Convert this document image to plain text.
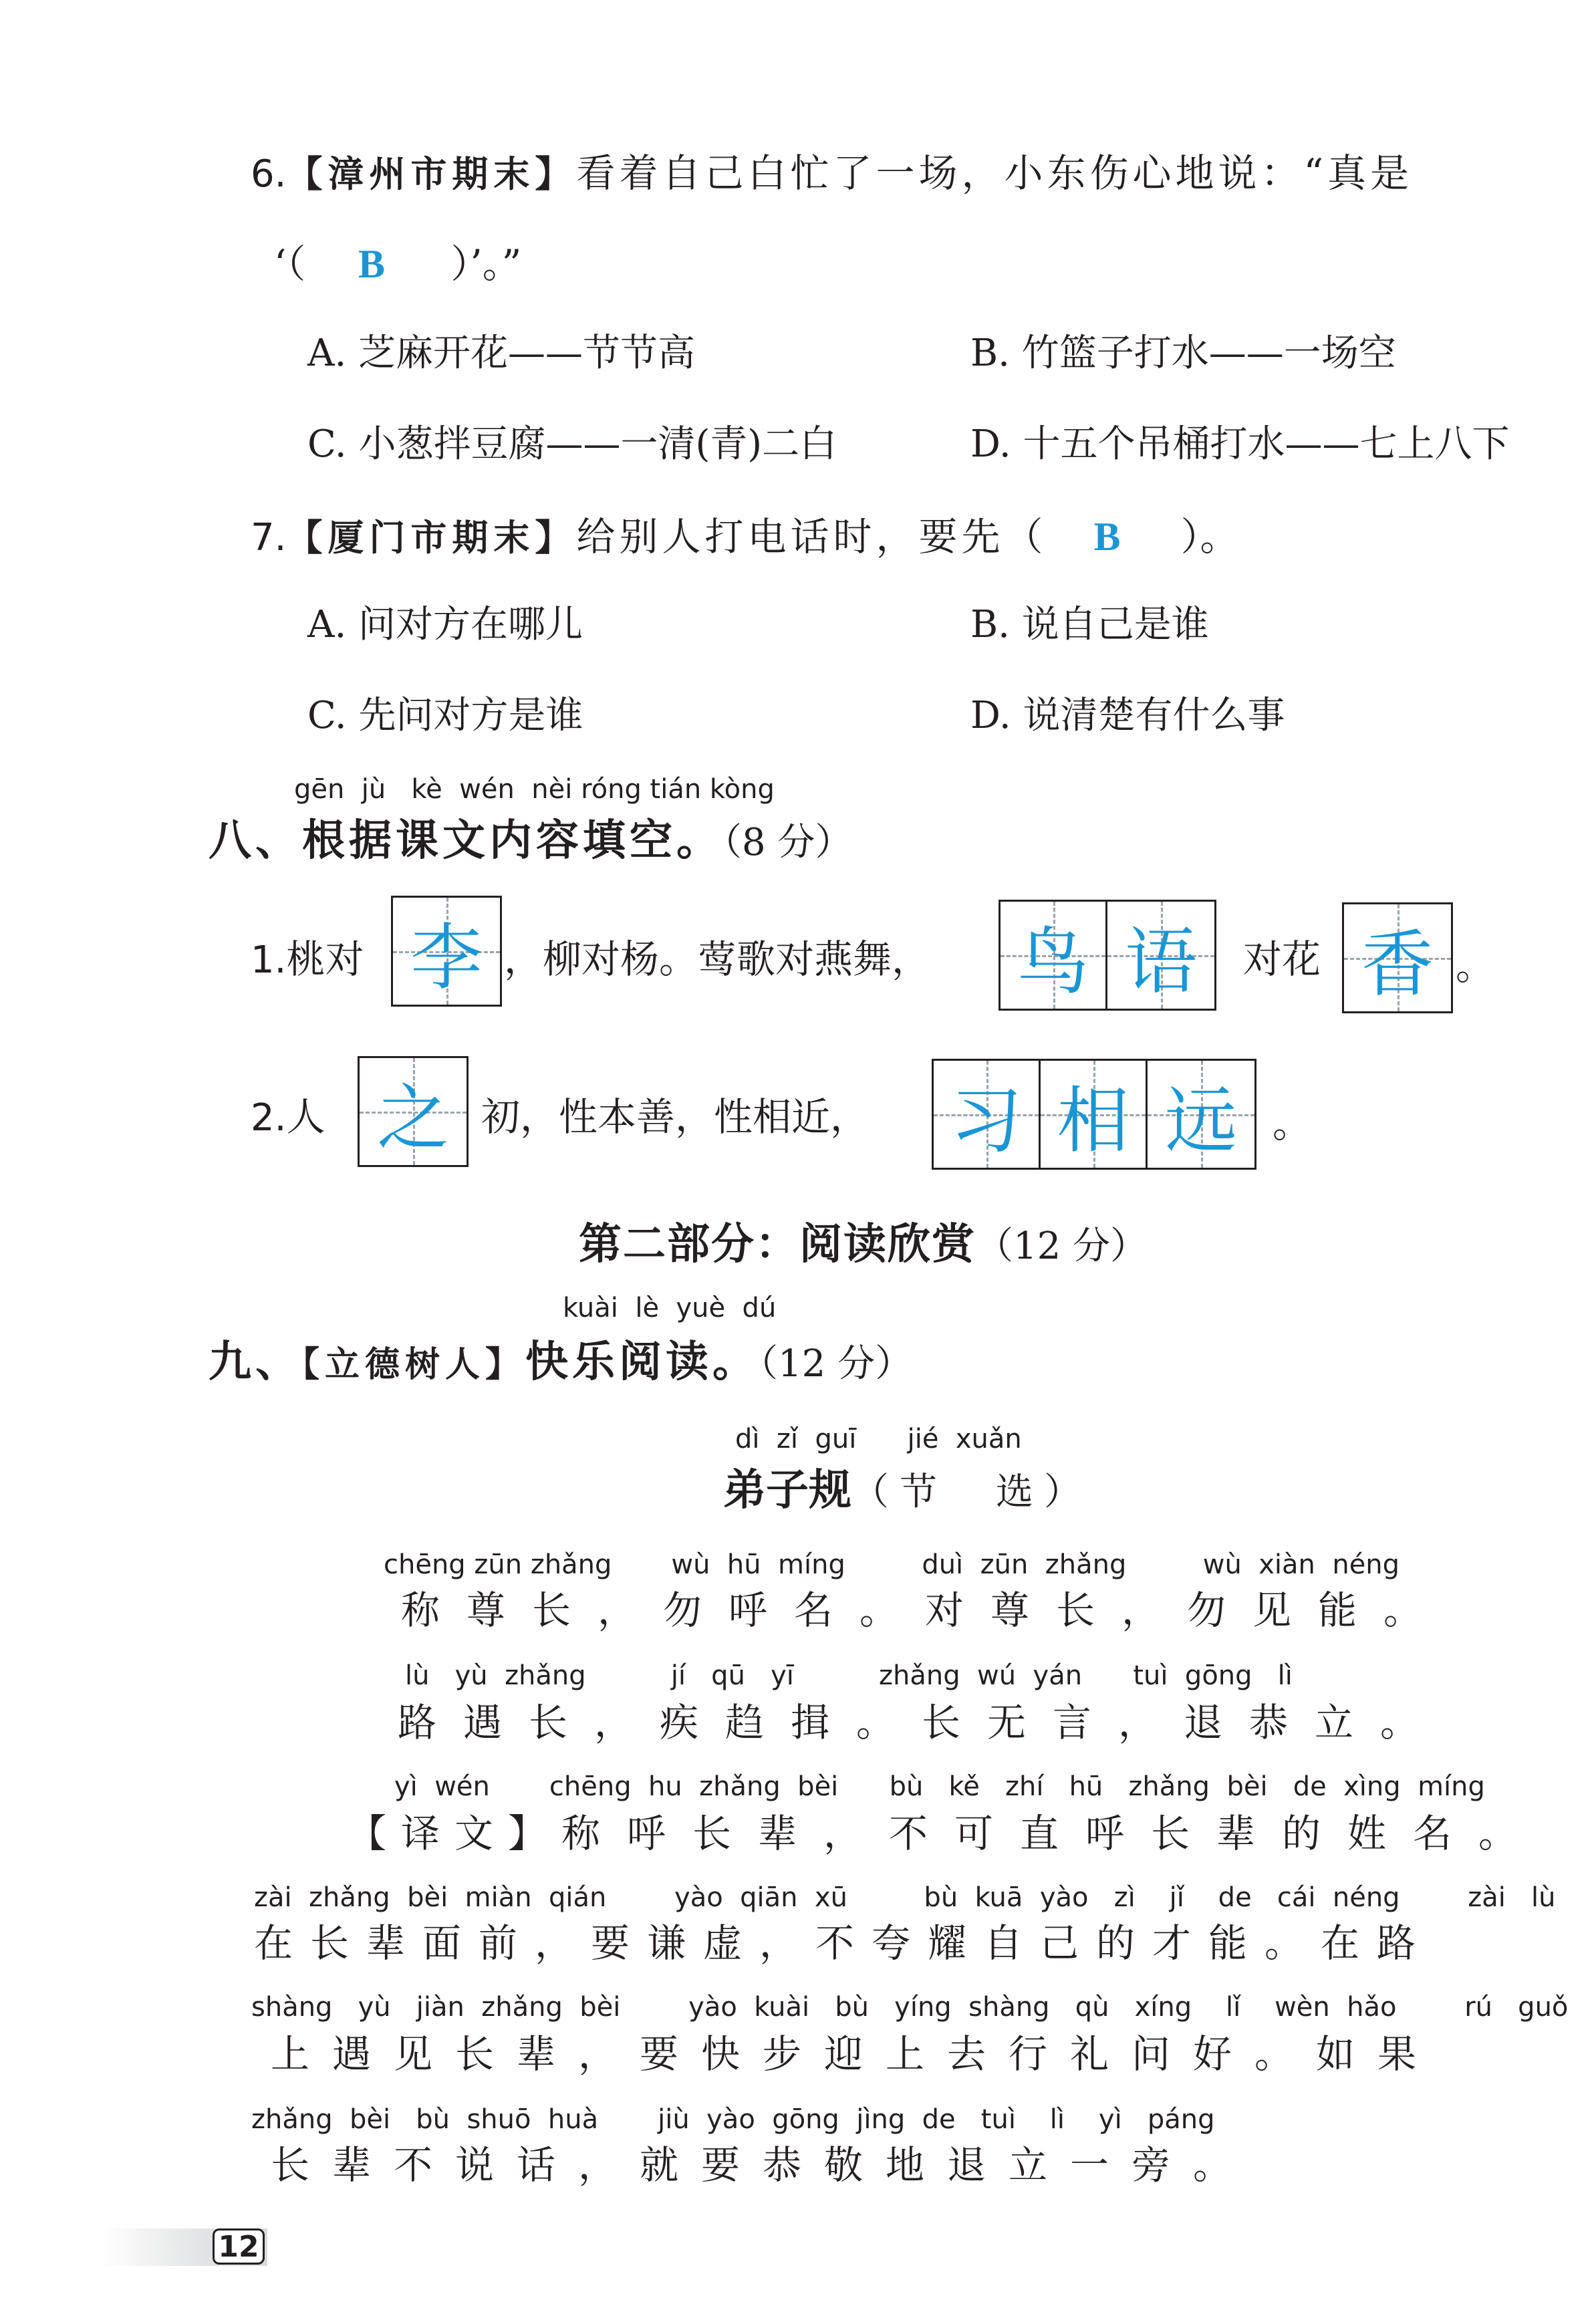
6.【漳州市期末】看着自己白忙了一场，小东伤心地说：“真是
‘（ B ）’。”
A. 芝麻开花——节节高	B. 竹篮子打水——一场空
C. 小葱拌豆腐——一清(青)二白	D. 十五个吊桶打水——七上八下
7.【厦门市期末】给别人打电话时，要先（ B ）。
A. 问对方在哪儿	B. 说自己是谁
C. 先问对方是谁	D. 说清楚有什么事
gēn  jù   kè  wén  nèi róng tián kòng
八、根据课文内容填空。（8 分）
1.桃对 李 ，柳对杨。莺歌对燕舞， 鸟 语 对花 香 。
2.人 之 初，性本善，性相近， 习 相 远 。
第二部分：阅读欣赏（12 分）
kuài  lè  yuè  dú
九、【立德树人】快乐阅读。（12 分）
dì  zǐ  guī      jié  xuǎn
弟子规（节　选）
chēng zūn zhǎng       wù  hū  míng         duì  zūn  zhǎng         wù  xiàn  néng
称尊长，勿呼名。对尊长，勿见能。
lù   yù  zhǎng          jí   qū   yī          zhǎng  wú  yán      tuì  gōng   lì
路遇长，疾趋揖。长无言，退恭立。
yì  wén       chēng  hu  zhǎng  bèi      bù   kě   zhí   hū   zhǎng  bèi   de  xìng  míng
【译文】称呼长辈，不可直呼长辈的姓名。
zài  zhǎng  bèi  miàn  qián        yào  qiān  xū         bù  kuā  yào   zì    jǐ    de   cái  néng        zài   lù
在长辈面前，要谦虚，不夸耀自己的才能。在路
shàng   yù   jiàn  zhǎng  bèi        yào  kuài   bù   yíng  shàng   qù   xíng    lǐ    wèn  hǎo        rú   guǒ
上遇见长辈，要快步迎上去行礼问好。如果
zhǎng  bèi   bù  shuō  huà       jiù  yào  gōng  jìng  de   tuì    lì    yì   páng
长辈不说话，就要恭敬地退立一旁。
12
